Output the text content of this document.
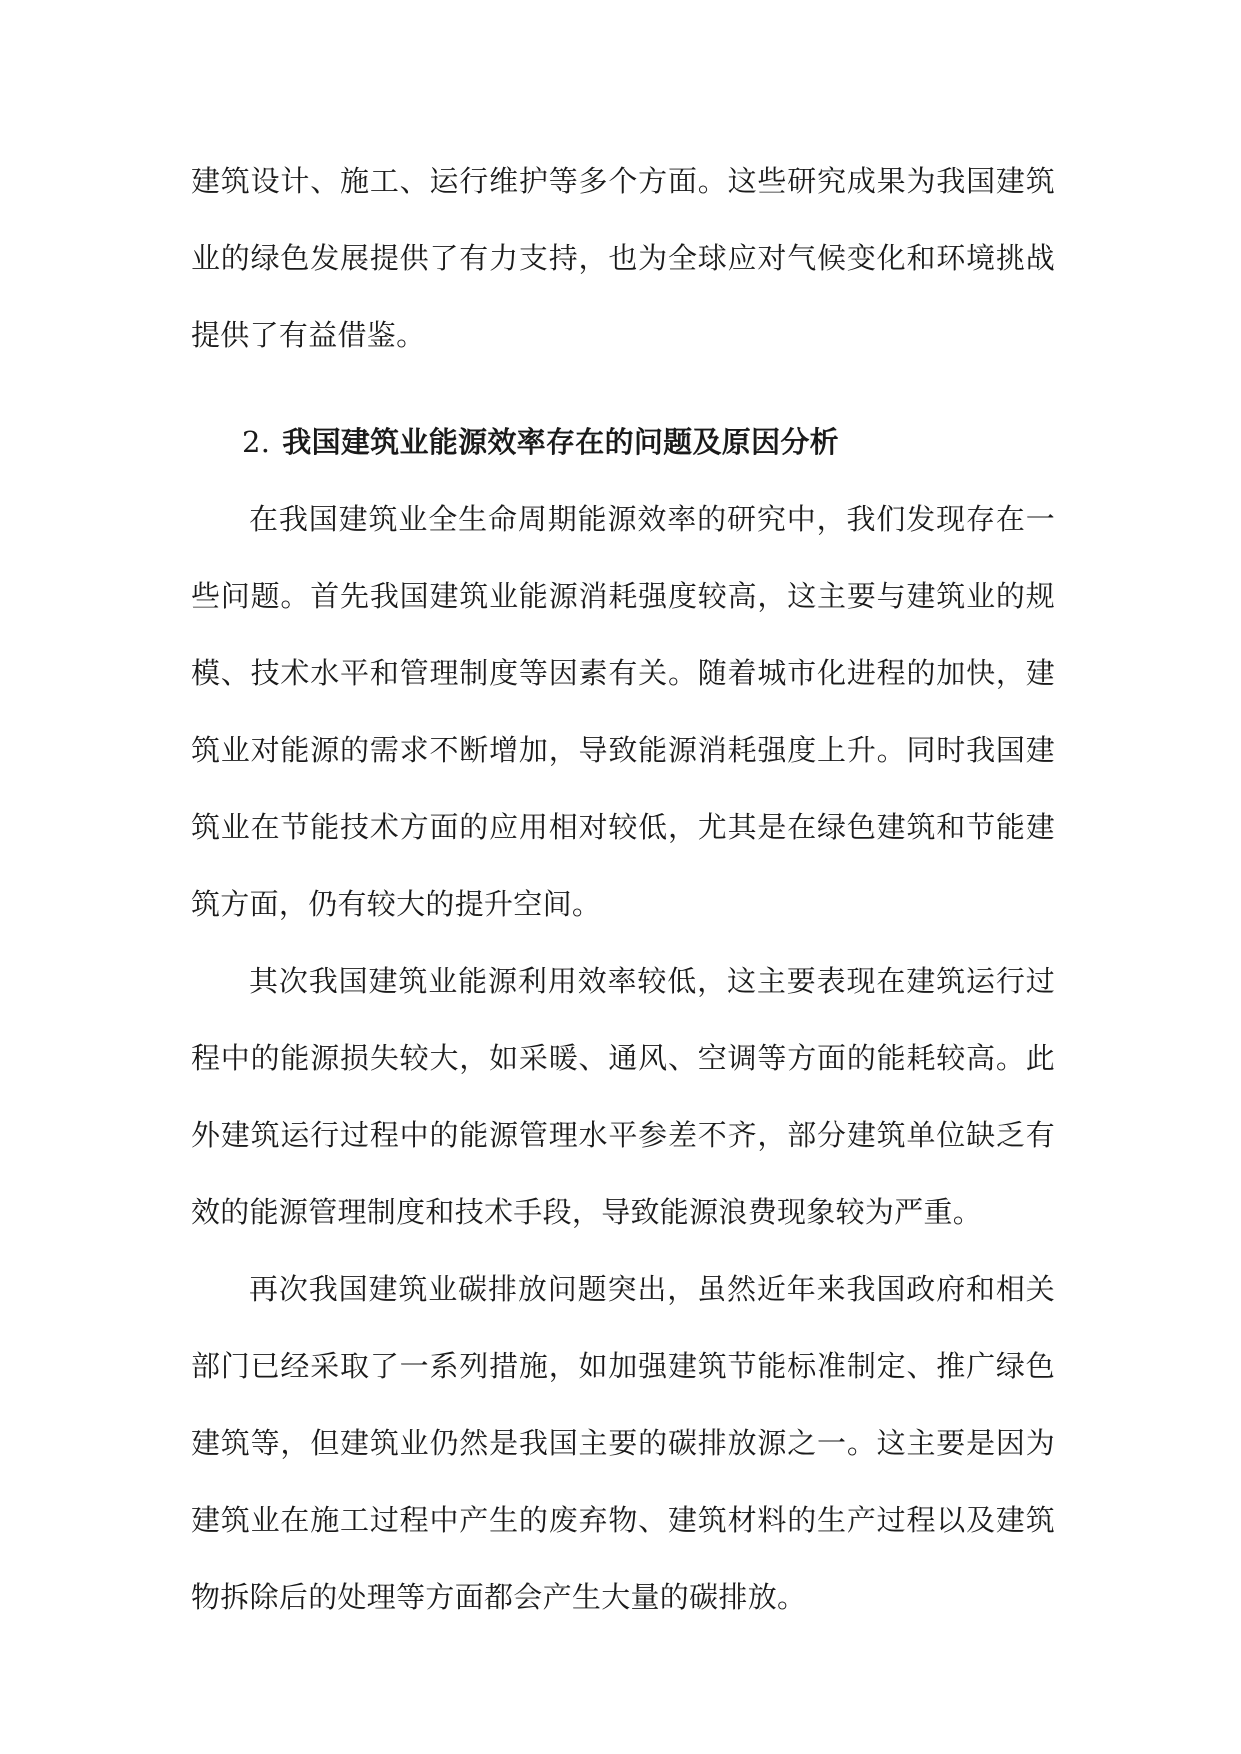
建筑设计、施工、运行维护等多个方面。这些研究成果为我国建筑业的绿色发展提供了有力支持，也为全球应对气候变化和环境挑战提供了有益借鉴。

2. 我国建筑业能源效率存在的问题及原因分析

在我国建筑业全生命周期能源效率的研究中，我们发现存在一些问题。首先我国建筑业能源消耗强度较高，这主要与建筑业的规模、技术水平和管理制度等因素有关。随着城市化进程的加快，建筑业对能源的需求不断增加，导致能源消耗强度上升。同时我国建筑业在节能技术方面的应用相对较低，尤其是在绿色建筑和节能建筑方面，仍有较大的提升空间。

其次我国建筑业能源利用效率较低，这主要表现在建筑运行过程中的能源损失较大，如采暖、通风、空调等方面的能耗较高。此外建筑运行过程中的能源管理水平参差不齐，部分建筑单位缺乏有效的能源管理制度和技术手段，导致能源浪费现象较为严重。

再次我国建筑业碳排放问题突出，虽然近年来我国政府和相关部门已经采取了一系列措施，如加强建筑节能标准制定、推广绿色建筑等，但建筑业仍然是我国主要的碳排放源之一。这主要是因为建筑业在施工过程中产生的废弃物、建筑材料的生产过程以及建筑物拆除后的处理等方面都会产生大量的碳排放。
